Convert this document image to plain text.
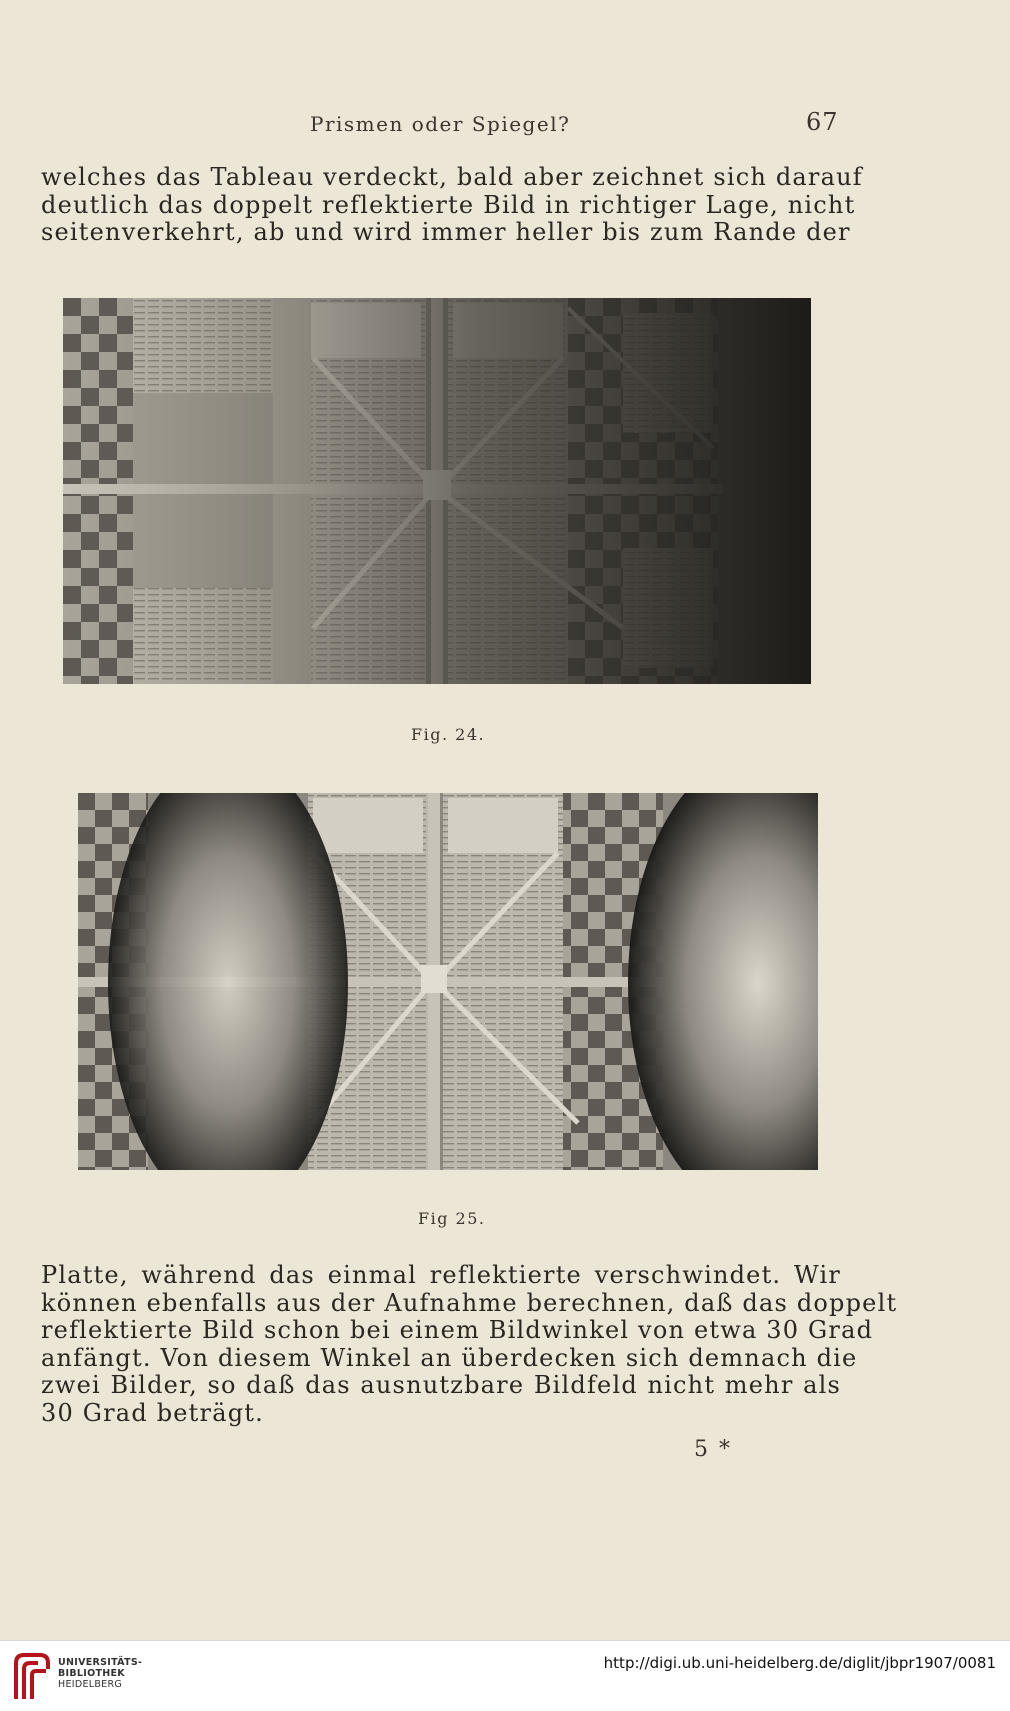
Prismen oder Spiegel?	67
welches das Tableau verdeckt, bald aber zeichnet sich darauf
deutlich das doppelt reflektierte Bild in richtiger Lage, nicht
seitenverkehrt, ab und wird immer heller bis zum Rande der
Fig. 24.
Fig 25.
Platte, während das einmal reflektierte verschwindet. Wir
können ebenfalls aus der Aufnahme berechnen, daß das doppelt
reflektierte Bild schon bei einem Bildwinkel von etwa 30 Grad
anfängt. Von diesem Winkel an überdecken sich demnach die
zwei Bilder, so daß das ausnutzbare Bildfeld nicht mehr als
30 Grad beträgt.
5 *
UNIVERSITÄTS-
BIBLIOTHEK
HEIDELBERG
http://digi.ub.uni-heidelberg.de/diglit/jbpr1907/0081
